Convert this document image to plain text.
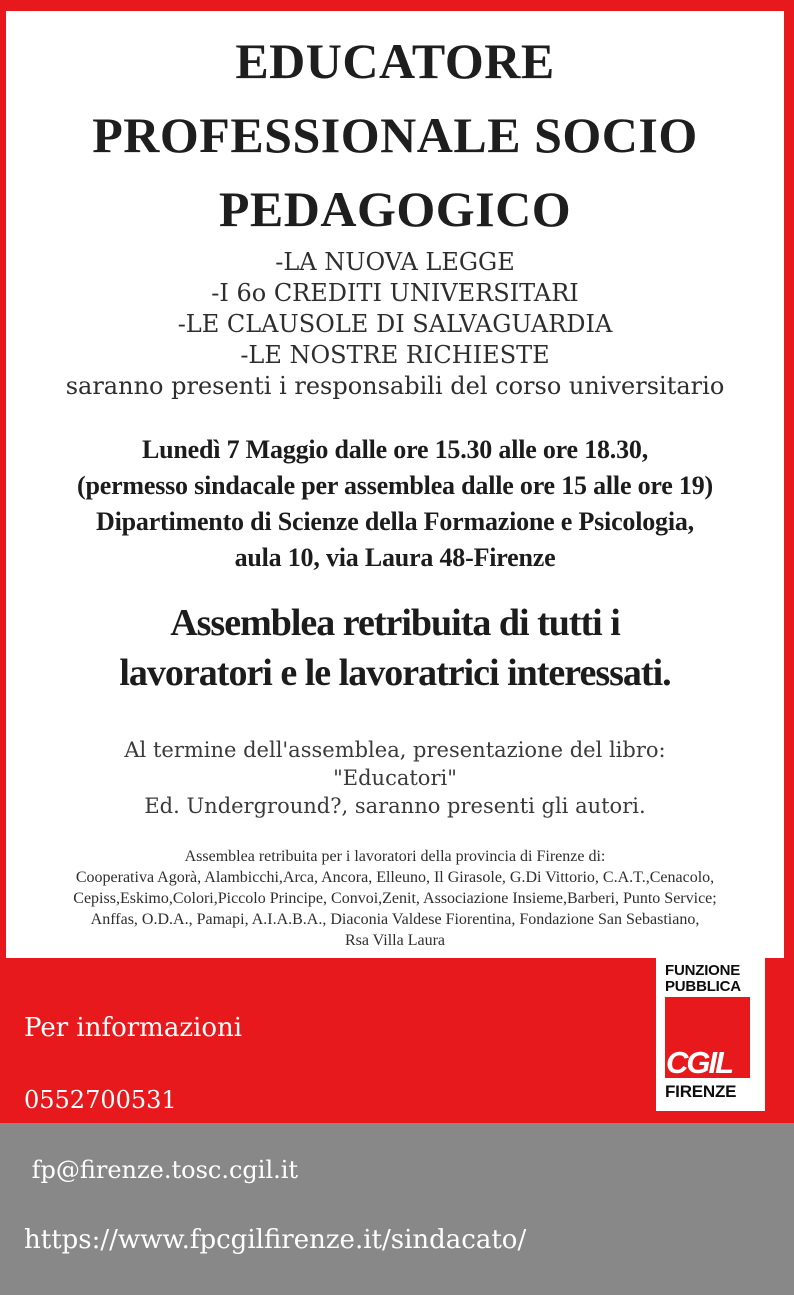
EDUCATORE
PROFESSIONALE SOCIO
PEDAGOGICO
-LA NUOVA LEGGE
-I 6o CREDITI UNIVERSITARI
-LE CLAUSOLE DI SALVAGUARDIA
-LE NOSTRE RICHIESTE
saranno presenti i responsabili del corso universitario
Lunedì 7 Maggio dalle ore 15.30 alle ore 18.30,
(permesso sindacale per assemblea dalle ore 15 alle ore 19)
Dipartimento di Scienze della Formazione e Psicologia,
aula 10, via Laura 48-Firenze
Assemblea retribuita di tutti i
lavoratori e le lavoratrici interessati.
Al termine dell'assemblea, presentazione del libro:
"Educatori"
Ed. Underground?, saranno presenti gli autori.
Assemblea retribuita per i lavoratori della provincia di Firenze di:
Cooperativa Agorà, Alambicchi,Arca, Ancora, Elleuno, Il Girasole, G.Di Vittorio, C.A.T.,Cenacolo,
Cepiss,Eskimo,Colori,Piccolo Principe, Convoi,Zenit, Associazione Insieme,Barberi, Punto Service;
Anffas, O.D.A., Pamapi, A.I.A.B.A., Diaconia Valdese Fiorentina, Fondazione San Sebastiano,
Rsa Villa Laura

Per informazioni

0552700531

fp@firenze.tosc.cgil.it

https://www.fpcgilfirenze.it/sindacato/

FUNZIONE
PUBBLICA
CGIL
FIRENZE
